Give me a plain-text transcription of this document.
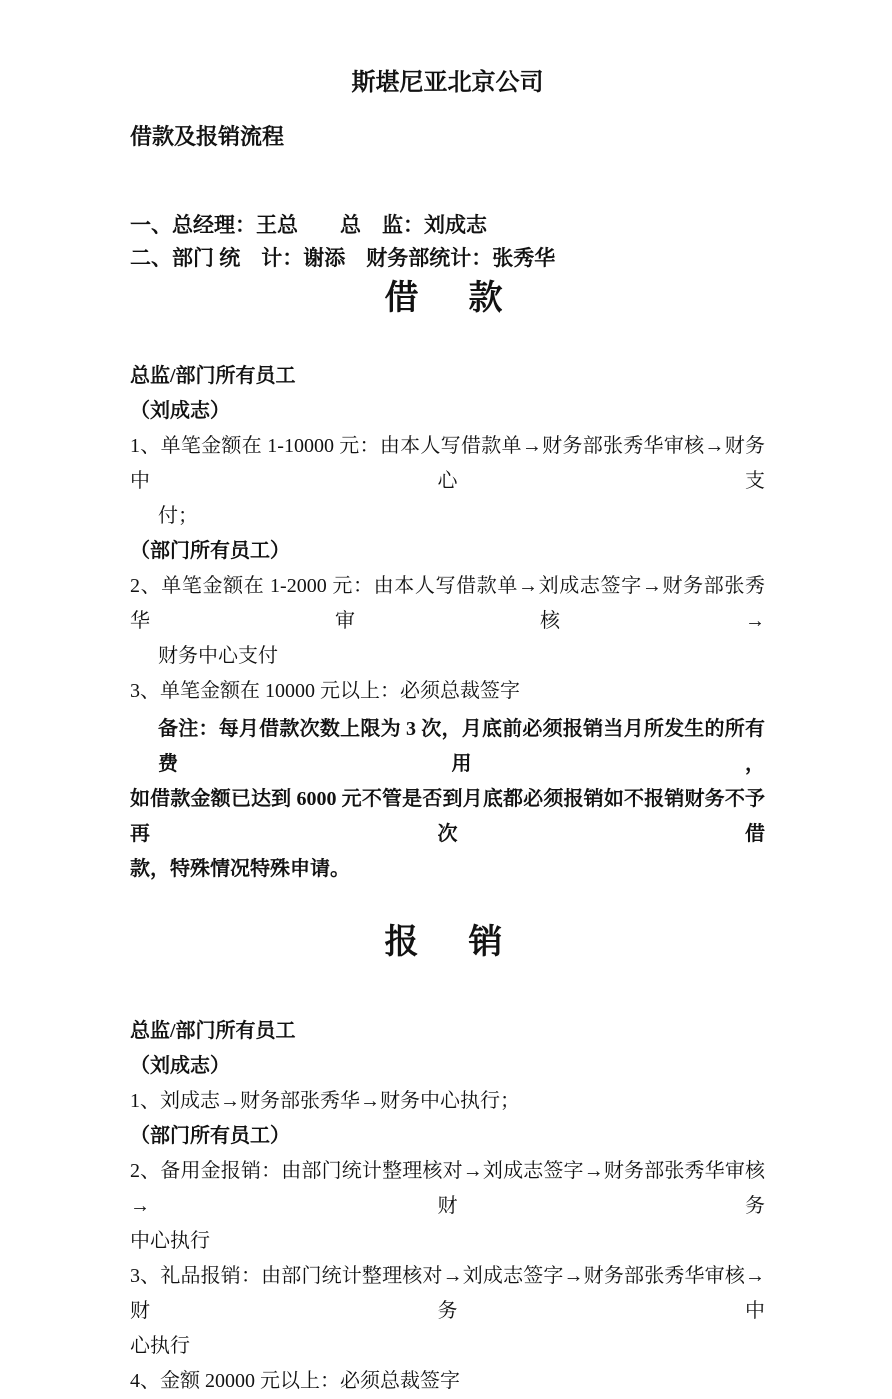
斯堪尼亚北京公司
借款及报销流程
一、总经理：王总　　总　监：刘成志
二、部门 统　计：谢添　财务部统计：张秀华
借　款
总监/部门所有员工
（刘成志）
1、单笔金额在 1-10000 元：由本人写借款单→财务部张秀华审核→财务中心支
付；
（部门所有员工）
2、单笔金额在 1-2000 元：由本人写借款单→刘成志签字→财务部张秀华审核→
财务中心支付
3、单笔金额在 10000 元以上：必须总裁签字
备注：每月借款次数上限为 3 次，月底前必须报销当月所发生的所有费用，
如借款金额已达到 6000 元不管是否到月底都必须报销如不报销财务不予再次借
款，特殊情况特殊申请。
报　销
总监/部门所有员工
（刘成志）
1、刘成志→财务部张秀华→财务中心执行；
（部门所有员工）
2、备用金报销：由部门统计整理核对→刘成志签字→财务部张秀华审核→财务
中心执行
3、礼品报销：由部门统计整理核对→刘成志签字→财务部张秀华审核→财务中
心执行
4、金额 20000 元以上：必须总裁签字
